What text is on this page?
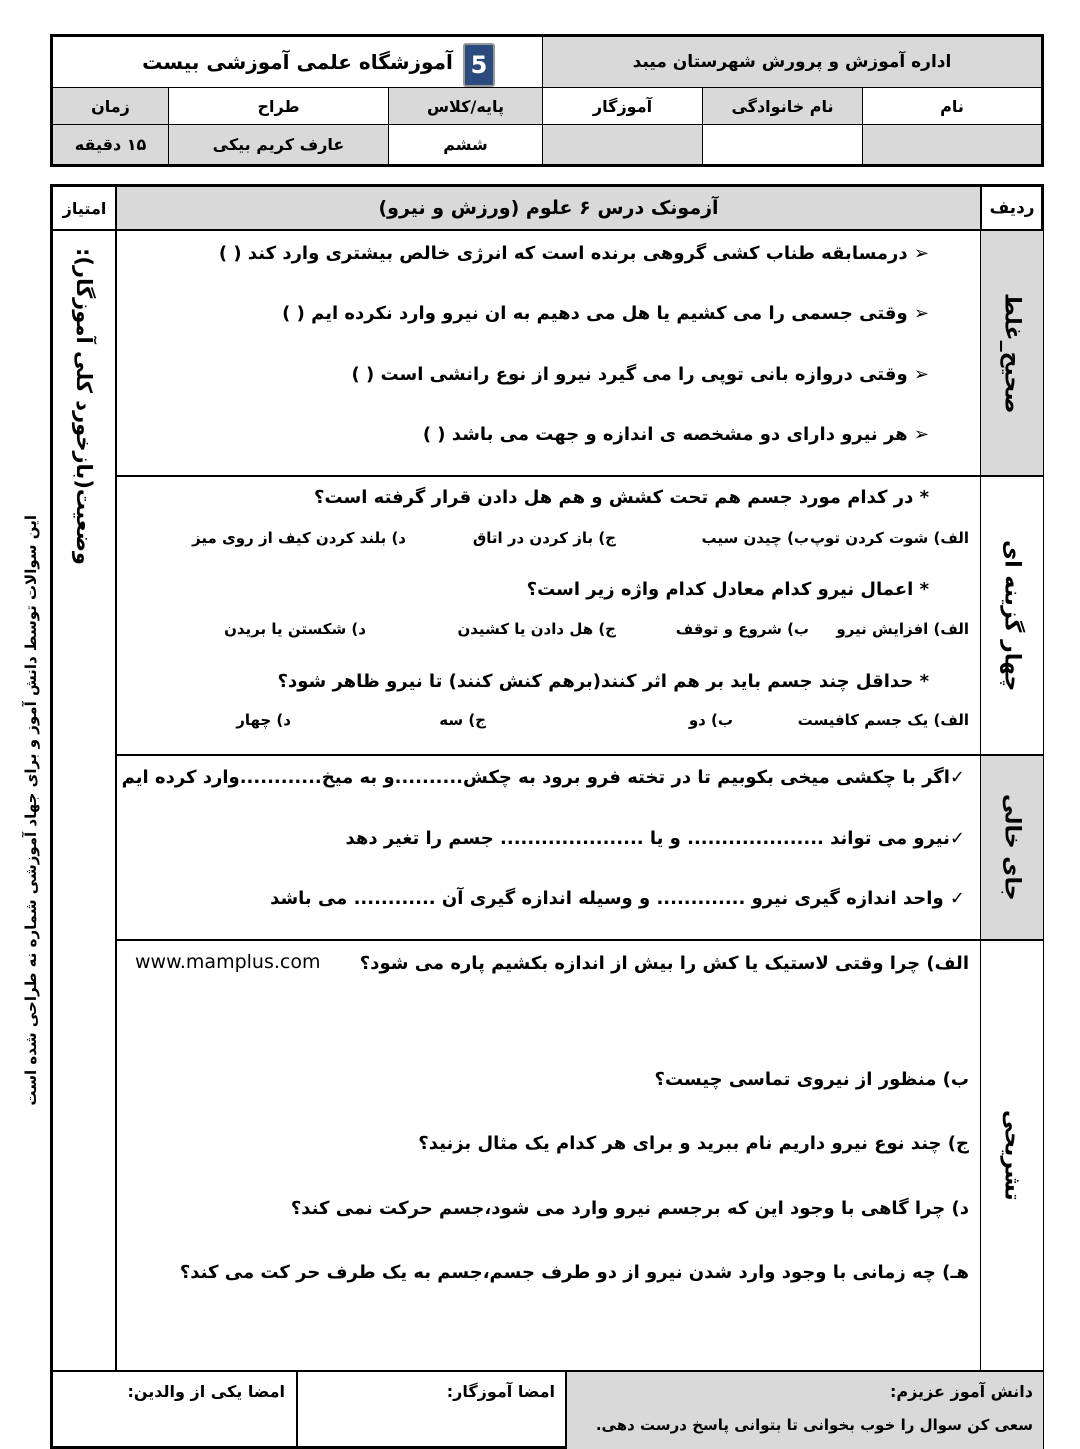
آموزشگاه علمی آموزشی بیست 5	اداره آموزش و پرورش شهرستان میبد
زمان	طراح	پایه/کلاس	آموزگار	نام خانوادگی	نام
۱۵ دقیقه	عارف کریم بیکی	ششم
این سوالات توسط دانش آموز و برای جهاد آموزشی شماره نه طراحی شده است
آزمونک درس ۶ علوم (ورزش و نیرو)	ردیف
امتیاز
وضعیت(بازخورد کلی آموزگار):	صحیح_غلط
چهار گزینه ای
جای خالی
تشریحی
➢ درمسابقه طناب کشی گروهی برنده است که انرژی خالص بیشتری وارد کند ( )
➢ وقتی جسمی را می کشیم یا هل می دهیم به ان نیرو وارد نکرده ایم ( )
➢ وقتی دروازه بانی توپی را می گیرد نیرو از نوع رانشی است ( )
➢ هر نیرو دارای دو مشخصه ی اندازه و جهت می باشد ( )
* در کدام مورد جسم هم تحت کشش و هم هل دادن قرار گرفته است؟
الف) شوت کردن توپ
ب) چیدن سیب
ج) باز کردن در اتاق
د) بلند کردن کیف از روی میز
* اعمال نیرو کدام معادل کدام واژه زیر است؟
الف) افزایش نیرو
ب) شروع و توقف
ج) هل دادن یا کشیدن
د) شکستن یا بریدن
* حداقل چند جسم باید بر هم اثر کنند(برهم کنش کنند) تا نیرو ظاهر شود؟
الف) یک جسم کافیست
ب) دو
ج) سه
د) چهار
✓اگر با چکشی میخی بکوبیم تا در تخته فرو برود به چکش..........و به میخ............وارد کرده ایم
✓نیرو می تواند .................... و یا ..................... جسم را تغیر دهد
✓ واحد اندازه گیری نیرو ............. و وسیله اندازه گیری آن ............ می باشد
الف) چرا وقتی لاستیک یا کش را بیش از اندازه بکشیم پاره می شود؟
www.mamplus.com
ب) منظور از نیروی تماسی چیست؟
ج) چند نوع نیرو داریم نام ببرید و برای هر کدام یک مثال بزنید؟
د) چرا گاهی با وجود این که برجسم نیرو وارد می شود،جسم حرکت نمی کند؟
هـ) چه زمانی با وجود وارد شدن نیرو از دو طرف جسم،جسم به یک طرف حر کت می کند؟
دانش آموز عزیزم:
سعی کن سوال را خوب بخوانی تا بتوانی پاسخ درست دهی.
امضا آموزگار:
امضا یکی از والدین:
